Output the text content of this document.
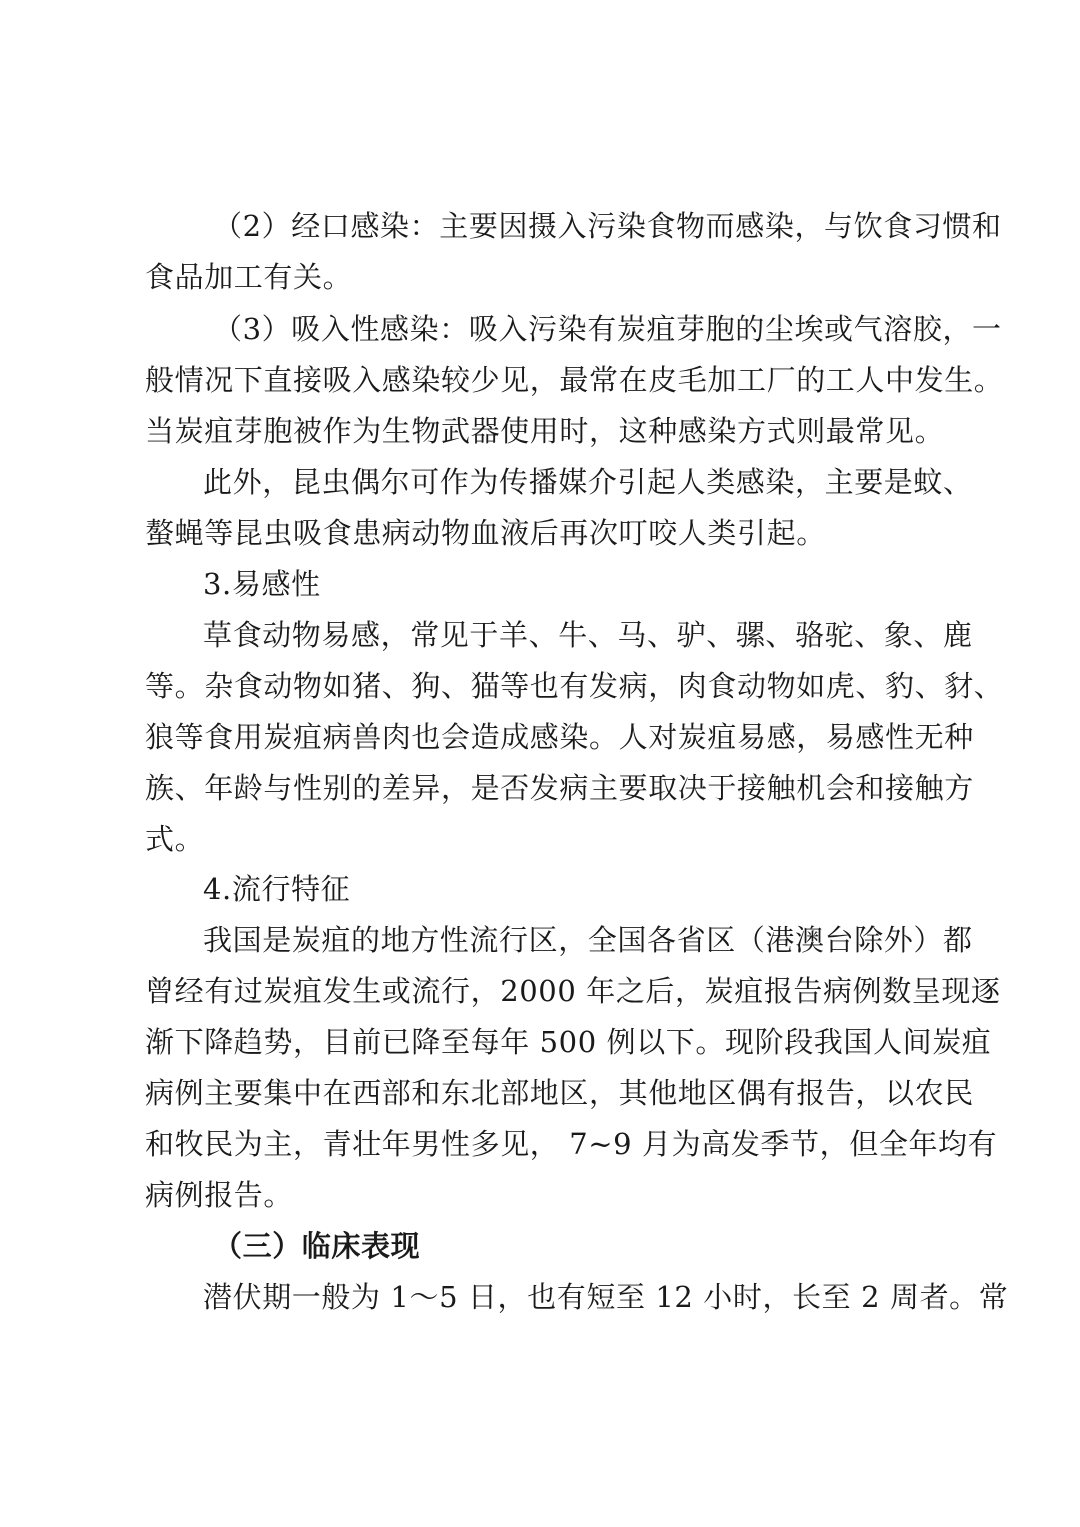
（2）经口感染：主要因摄入污染食物而感染，与饮食习惯和
食品加工有关。
（3）吸入性感染：吸入污染有炭疽芽胞的尘埃或气溶胶，一
般情况下直接吸入感染较少见，最常在皮毛加工厂的工人中发生。
当炭疽芽胞被作为生物武器使用时，这种感染方式则最常见。
此外，昆虫偶尔可作为传播媒介引起人类感染，主要是蚊、
螯蝇等昆虫吸食患病动物血液后再次叮咬人类引起。
3.易感性
草食动物易感，常见于羊、牛、马、驴、骡、骆驼、象、鹿
等。杂食动物如猪、狗、猫等也有发病，肉食动物如虎、豹、豺、
狼等食用炭疽病兽肉也会造成感染。人对炭疽易感，易感性无种
族、年龄与性别的差异，是否发病主要取决于接触机会和接触方
式。
4.流行特征
我国是炭疽的地方性流行区，全国各省区（港澳台除外）都
曾经有过炭疽发生或流行，2000 年之后，炭疽报告病例数呈现逐
渐下降趋势，目前已降至每年 500 例以下。现阶段我国人间炭疽
病例主要集中在西部和东北部地区，其他地区偶有报告，以农民
和牧民为主，青壮年男性多见， 7~9 月为高发季节，但全年均有
病例报告。
（三）临床表现
潜伏期一般为 1～5 日，也有短至 12 小时，长至 2 周者。常
